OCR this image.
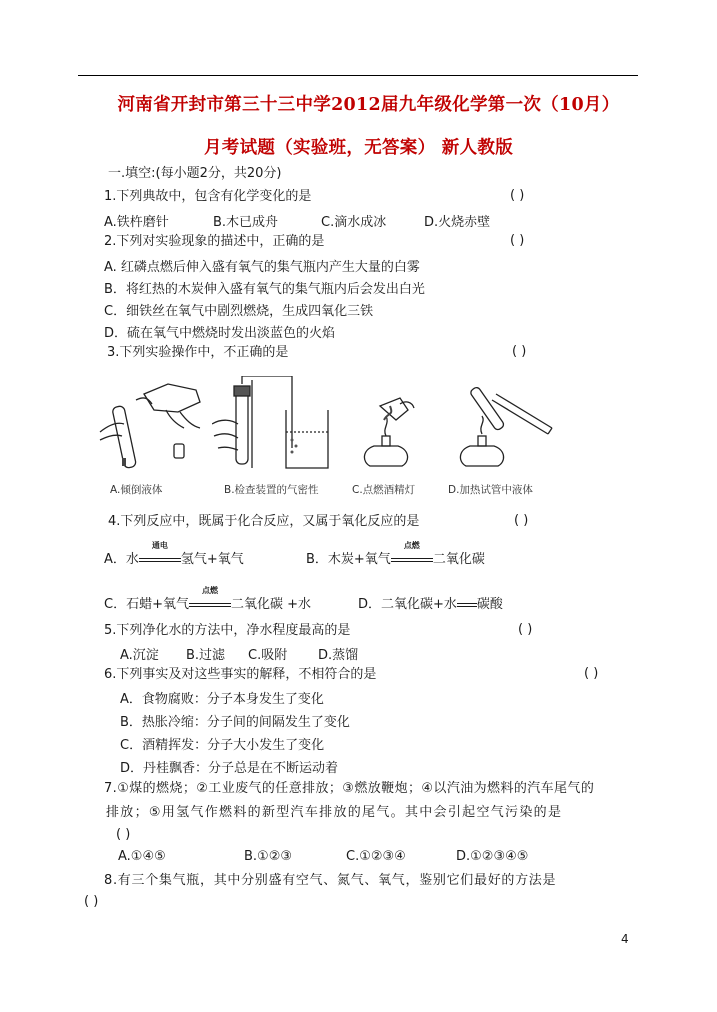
河南省开封市第三十三中学2012届九年级化学第一次（10月）
月考试题（实验班，无答案） 新人教版
一.填空:(每小题2分，共20分)
1.下列典故中，包含有化学变化的是	( )
A.铁杵磨针	B.木已成舟	C.滴水成冰	D.火烧赤壁
2.下列对实验现象的描述中，正确的是	( )
A. 红磷点燃后伸入盛有氧气的集气瓶内产生大量的白雾
B．将红热的木炭伸入盛有氧气的集气瓶内后会发出白光
C．细铁丝在氧气中剧烈燃烧，生成四氧化三铁
D．硫在氧气中燃烧时发出淡蓝色的火焰
3.下列实验操作中，不正确的是	( )
A.倾倒液体	B.检查装置的气密性	C.点燃酒精灯	D.加热试管中液体
4.下列反应中，既属于化合反应，又属于氧化反应的是	( )
A．水
通电
氢气+氧气	B．木炭+氧气
点燃
二氧化碳
C．石蜡+氧气
点燃
二氧化碳 +水	D．二氧化碳+水 碳酸
5.下列净化水的方法中，净水程度最高的是	( )
A.沉淀 B.过滤 C.吸附 D.蒸馏
6.下列事实及对这些事实的解释，不相符合的是	( )
A．食物腐败：分子本身发生了变化
B．热胀冷缩：分子间的间隔发生了变化
C．酒精挥发：分子大小发生了变化
D．丹桂飘香：分子总是在不断运动着
7.①煤的燃烧；②工业废气的任意排放；③燃放鞭炮；④以汽油为燃料的汽车尾气的
排放；⑤用氢气作燃料的新型汽车排放的尾气。其中会引起空气污染的是
( )
A.①④⑤	B.①②③	C.①②③④	D.①②③④⑤
8.有三个集气瓶，其中分别盛有空气、氮气、氧气，鉴别它们最好的方法是
( )
4
